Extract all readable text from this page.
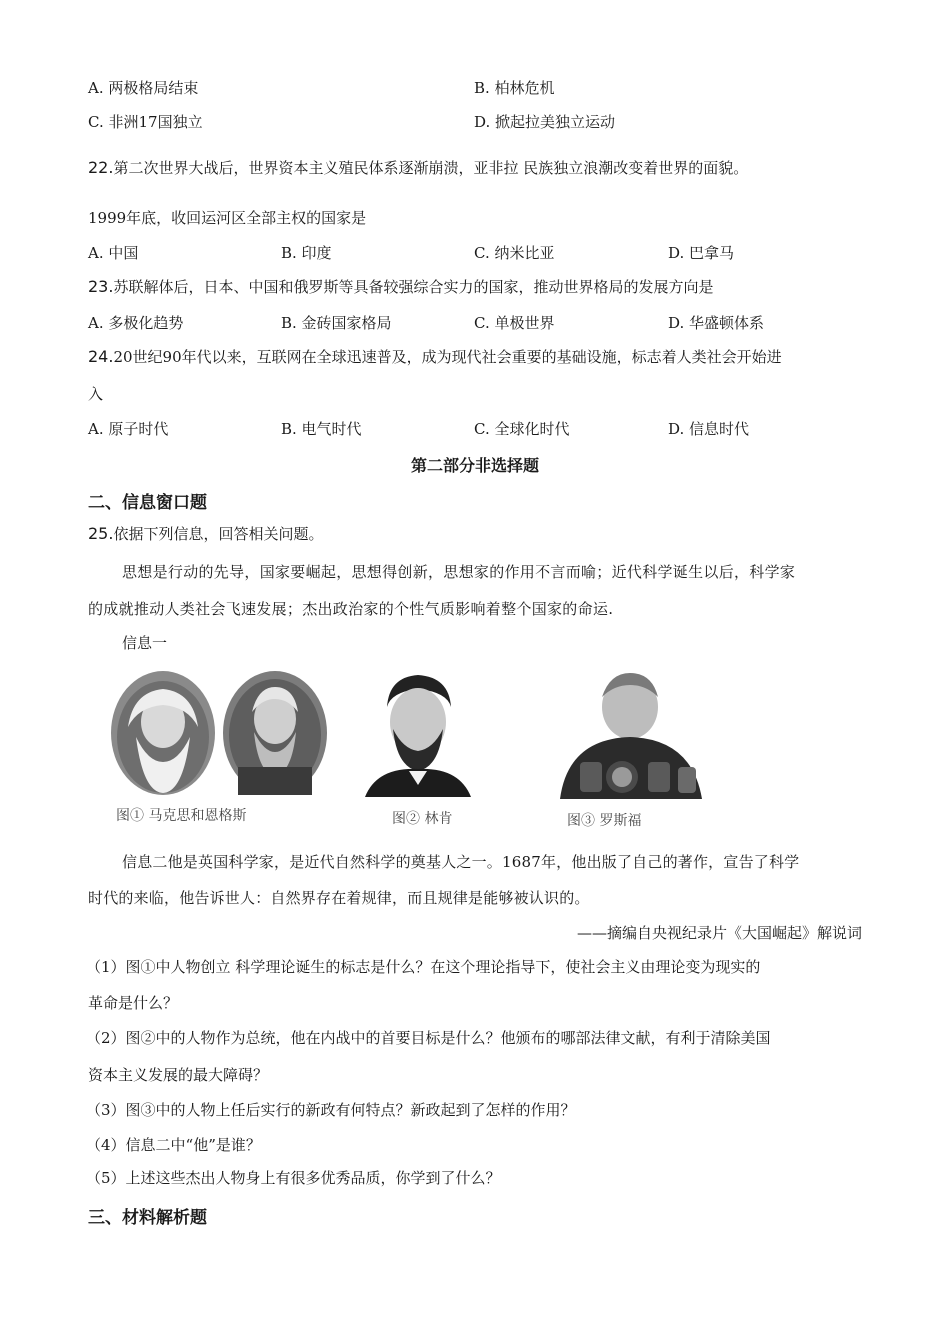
A. 两极格局结束	B. 柏林危机
C. 非洲17国独立	D. 掀起拉美独立运动
22.第二次世界大战后，世界资本主义殖民体系逐渐崩溃，亚非拉 民族独立浪潮改变着世界的面貌。
1999年底，收回运河区全部主权的国家是
A. 中国	B. 印度	C. 纳米比亚	D. 巴拿马
23.苏联解体后，日本、中国和俄罗斯等具备较强综合实力的国家，推动世界格局的发展方向是
A. 多极化趋势	B. 金砖国家格局	C. 单极世界	D. 华盛顿体系
24.20世纪90年代以来，互联网在全球迅速普及，成为现代社会重要的基础设施，标志着人类社会开始进
入
A. 原子时代	B. 电气时代	C. 全球化时代	D. 信息时代
第二部分非选择题
二、信息窗口题
25.依据下列信息，回答相关问题。
思想是行动的先导，国家要崛起，思想得创新，思想家的作用不言而喻；近代科学诞生以后，科学家
的成就推动人类社会飞速发展；杰出政治家的个性气质影响着整个国家的命运.
信息一
图① 马克思和恩格斯	图② 林肯	图③ 罗斯福
信息二他是英国科学家，是近代自然科学的奠基人之一。1687年，他出版了自己的著作，宣告了科学
时代的来临，他告诉世人：自然界存在着规律，而且规律是能够被认识的。
——摘编自央视纪录片《大国崛起》解说词
（1）图①中人物创立 科学理论诞生的标志是什么？在这个理论指导下，使社会主义由理论变为现实的
革命是什么？
（2）图②中的人物作为总统，他在内战中的首要目标是什么？他颁布的哪部法律文献，有利于清除美国
资本主义发展的最大障碍？
（3）图③中的人物上任后实行的新政有何特点？新政起到了怎样的作用？
（4）信息二中“他”是谁？
（5）上述这些杰出人物身上有很多优秀品质，你学到了什么？
三、材料解析题
